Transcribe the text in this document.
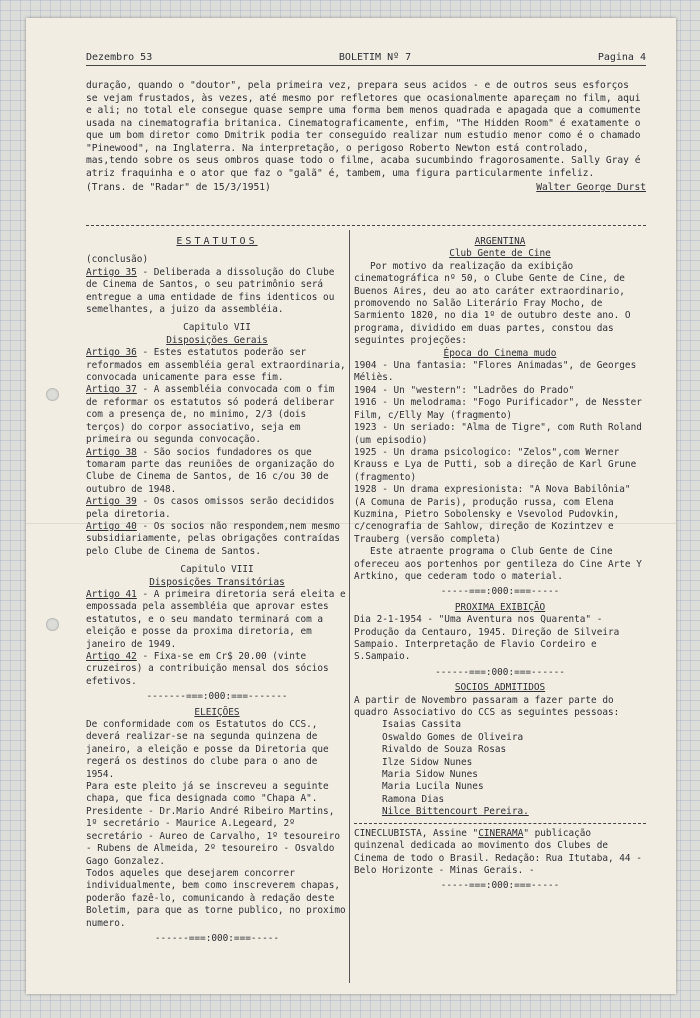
Dezembro 53	BOLETIM Nº 7	Pagina 4

duração, quando o "doutor", pela primeira vez, prepara seus acidos - e de outros seus esforços se vejam frustados, às vezes, até mesmo por refletores que ocasionalmente apareçam no film, aqui e ali; no total ele consegue quase sempre uma forma bem menos quadrada e apagada que a comumente usada na cinematografia britanica. Cinematograficamente, enfim, "The Hidden Room" é exatamente o que um bom diretor como Dmitrik podia ter conseguido realizar num estudio menor como é o chamado "Pinewood", na Inglaterra. Na interpretação, o perigoso Roberto Newton está controlado, mas,tendo sobre os seus ombros quase todo o filme, acaba sucumbindo fragorosamente. Sally Gray é atriz fraquinha e o ator que faz o "galã" é, tambem, uma figura particularmente infeliz.

(Trans. de "Radar" de 15/3/1951)	Walter George Durst
ESTATUTOS
(conclusão)

Artigo 35 - Deliberada a dissolução do Clube de Cinema de Santos, o seu patrimônio será entregue a uma entidade de fins identicos ou semelhantes, a juizo da assembléia.

Capitulo VII
Disposições Gerais

Artigo 36 - Estes estatutos poderão ser reformados em assembléia geral extraordinaria, convocada unicamente para esse fim.

Artigo 37 - A assembléia convocada com o fim de reformar os estatutos só poderá deliberar com a presença de, no minimo, 2/3 (dois terços) do corpor associativo, seja em primeira ou segunda convocação.

Artigo 38 - São socios fundadores os que tomaram parte das reuniões de organização do Clube de Cinema de Santos, de 16 c/ou 30 de outubro de 1948.

Artigo 39 - Os casos omissos serão decididos pela diretoria.

Artigo 40 - Os socios não respondem,nem mesmo subsidiariamente, pelas obrigações contraídas pelo Clube de Cinema de Santos.

Capitulo VIII
Disposições Transitórias

Artigo 41 - A primeira diretoria será eleita e empossada pela assembléia que aprovar estes estatutos, e o seu mandato terminará com a eleição e posse da proxima diretoria, em janeiro de 1949.

Artigo 42 - Fixa-se em Cr$ 20.00 (vinte cruzeiros) a contribuição mensal dos sócios efetivos.

-------===:000:===-------
ELEIÇÕES

De conformidade com os Estatutos do CCS., deverá realizar-se na segunda quinzena de janeiro, a eleição e posse da Diretoria que regerá os destinos do clube para o ano de 1954.

Para este pleito já se inscreveu a seguinte chapa, que fica designada como "Chapa A". Presidente - Dr.Mario André Ribeiro Martins, 1º secretário - Maurice A.Legeard, 2º secretário - Aureo de Carvalho, 1º tesoureiro - Rubens de Almeida, 2º tesoureiro - Osvaldo Gago Gonzalez.

Todos aqueles que desejarem concorrer individualmente, bem como inscreverem chapas, poderão fazê-lo, comunicando à redação deste Boletim, para que as torne publico, no proximo numero.

------===:000:===-----
ARGENTINA
Club Gente de Cine

Por motivo da realização da exibição cinematográfica nº 50, o Clube Gente de Cine, de Buenos Aires, deu ao ato caráter extraordinario, promovendo no Salão Literário Fray Mocho, de Sarmiento 1820, no dia 1º de outubro deste ano. O programa, dividido em duas partes, constou das seguintes projeções:

Época do Cinema mudo

1904 - Una fantasia: "Flores Animadas", de Georges Méliès.

1904 - Un "western": "Ladrões do Prado"

1916 - Un melodrama: "Fogo Purificador", de Nesster Film, c/Elly May (fragmento)

1923 - Un seriado: "Alma de Tigre", com Ruth Roland (um episodio)

1925 - Un drama psicologico: "Zelos",com Werner Krauss e Lya de Putti, sob a direção de Karl Grune (fragmento)

1928 - Un drama expresionista: "A Nova Babilônia" (A Comuna de Paris), produção russa, com Elena Kuzmina, Pietro Sobolensky e Vsevolod Pudovkin, c/cenografia de Sahlow, direção de Kozintzev e Trauberg (versão completa)

Este atraente programa o Club Gente de Cine ofereceu aos portenhos por gentileza do Cine Arte Y Artkino, que cederam todo o material.

-----===:000:===-----
PROXIMA EXIBIÇÃO

Dia 2-1-1954 - "Uma Aventura nos Quarenta" - Produção da Centauro, 1945. Direção de Silveira Sampaio. Interpretação de Flavio Cordeiro e S.Sampaio.

------===:000:===------
SOCIOS ADMITIDOS

A partir de Novembro passaram a fazer parte do quadro Associativo do CCS as seguintes pessoas:

Isaias Cassita
Oswaldo Gomes de Oliveira
Rivaldo de Souza Rosas
Ilze Sidow Nunes
Maria Sidow Nunes
Maria Lucila Nunes
Ramona Dias
Nilce Bittencourt Pereira.

CINECLUBISTA, Assine "CINERAMA" publicação quinzenal dedicada ao movimento dos Clubes de Cinema de todo o Brasil. Redação: Rua Itutaba, 44 - Belo Horizonte - Minas Gerais. -

-----===:000:===-----
